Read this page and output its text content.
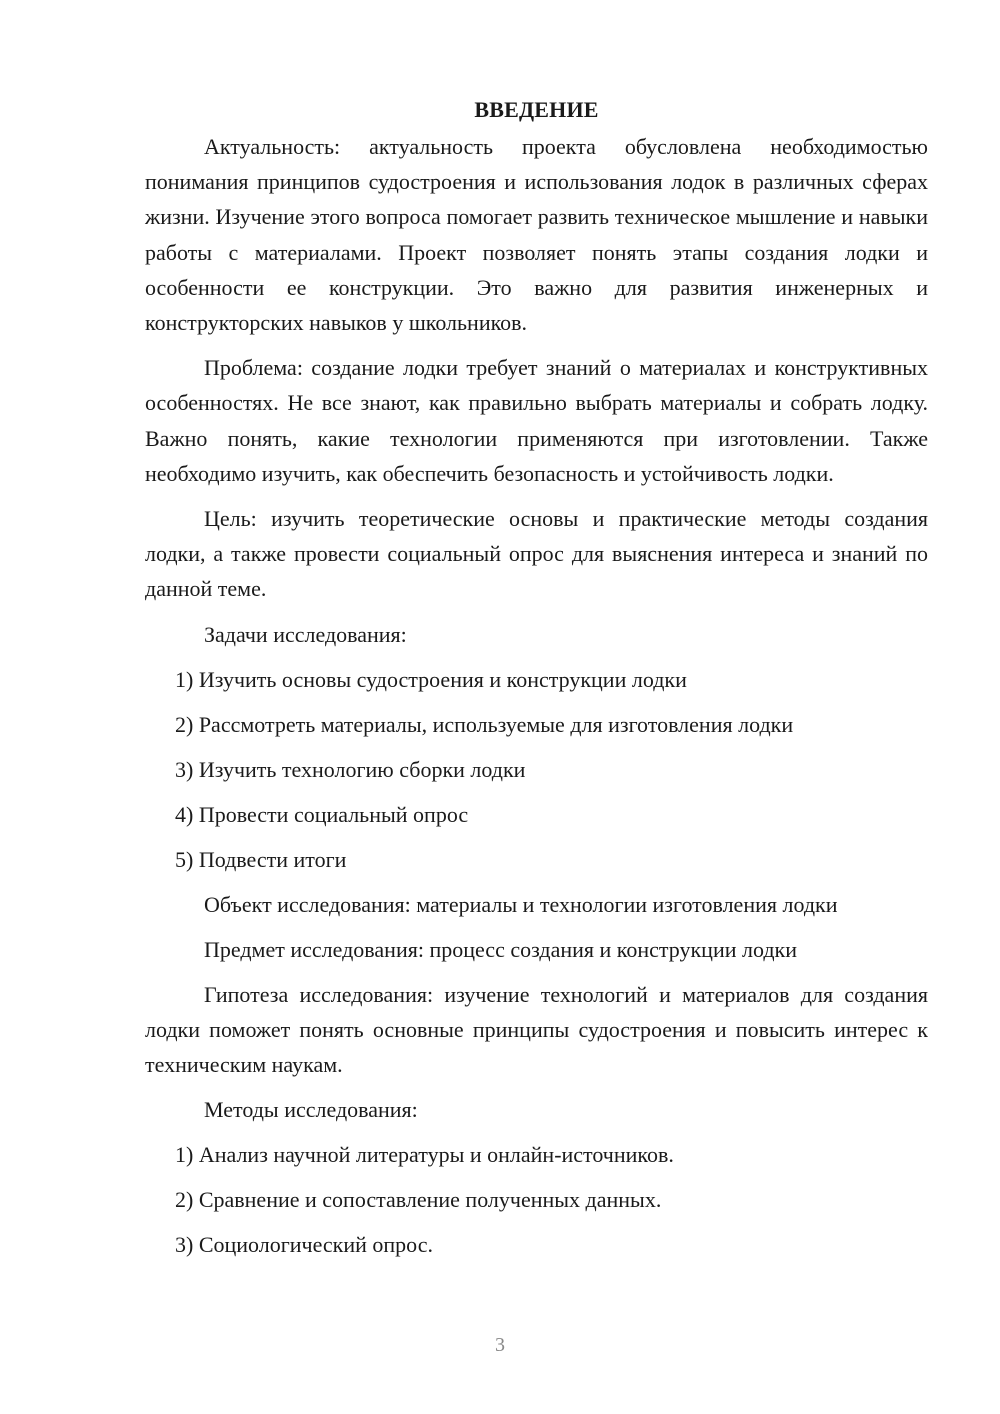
ВВЕДЕНИЕ

Актуальность: актуальность проекта обусловлена необходимостью понимания принципов судостроения и использования лодок в различных сферах жизни. Изучение этого вопроса помогает развить техническое мышление и навыки работы с материалами. Проект позволяет понять этапы создания лодки и особенности ее конструкции. Это важно для развития инженерных и конструкторских навыков у школьников.

Проблема: создание лодки требует знаний о материалах и конструктивных особенностях. Не все знают, как правильно выбрать материалы и собрать лодку. Важно понять, какие технологии применяются при изготовлении. Также необходимо изучить, как обеспечить безопасность и устойчивость лодки.

Цель: изучить теоретические основы и практические методы создания лодки, а также провести социальный опрос для выяснения интереса и знаний по данной теме.

Задачи исследования:

1) Изучить основы судостроения и конструкции лодки

2) Рассмотреть материалы, используемые для изготовления лодки

3) Изучить технологию сборки лодки

4) Провести социальный опрос

5) Подвести итоги

Объект исследования: материалы и технологии изготовления лодки

Предмет исследования: процесс создания и конструкции лодки

Гипотеза исследования: изучение технологий и материалов для создания лодки поможет понять основные принципы судостроения и повысить интерес к техническим наукам.

Методы исследования:

1) Анализ научной литературы и онлайн-источников.

2) Сравнение и сопоставление полученных данных.

3) Социологический опрос.

3
